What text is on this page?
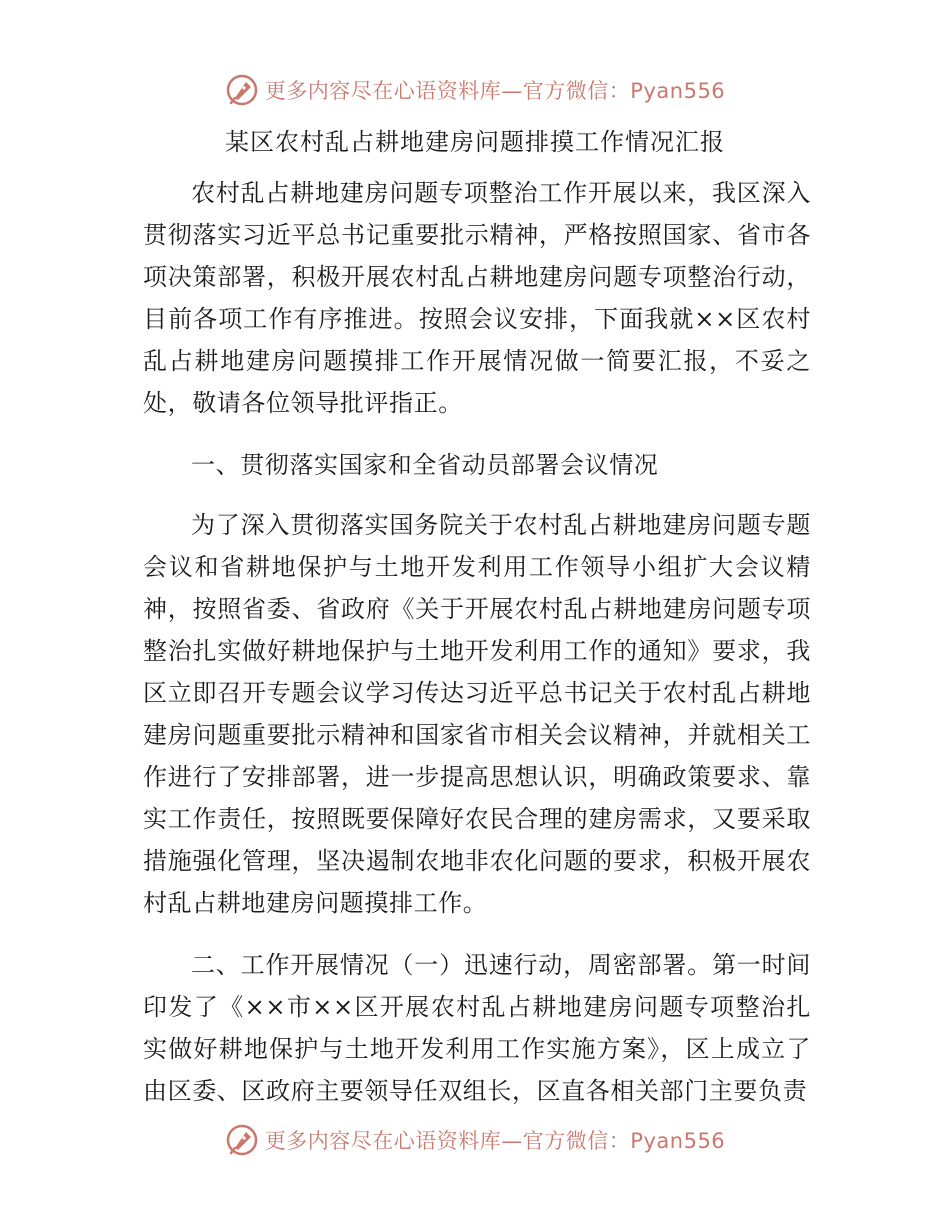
更多内容尽在心语资料库—官方微信：Pyan556
某区农村乱占耕地建房问题排摸工作情况汇报

农村乱占耕地建房问题专项整治工作开展以来，我区深入贯彻落实习近平总书记重要批示精神，严格按照国家、省市各项决策部署，积极开展农村乱占耕地建房问题专项整治行动，目前各项工作有序推进。按照会议安排，下面我就××区农村乱占耕地建房问题摸排工作开展情况做一简要汇报，不妥之处，敬请各位领导批评指正。

一、贯彻落实国家和全省动员部署会议情况

为了深入贯彻落实国务院关于农村乱占耕地建房问题专题会议和省耕地保护与土地开发利用工作领导小组扩大会议精神，按照省委、省政府《关于开展农村乱占耕地建房问题专项整治扎实做好耕地保护与土地开发利用工作的通知》要求，我区立即召开专题会议学习传达习近平总书记关于农村乱占耕地建房问题重要批示精神和国家省市相关会议精神，并就相关工作进行了安排部署，进一步提高思想认识，明确政策要求、靠实工作责任，按照既要保障好农民合理的建房需求，又要采取措施强化管理，坚决遏制农地非农化问题的要求，积极开展农村乱占耕地建房问题摸排工作。

二、工作开展情况（一）迅速行动，周密部署。第一时间印发了《××市××区开展农村乱占耕地建房问题专项整治扎实做好耕地保护与土地开发利用工作实施方案》，区上成立了由区委、区政府主要领导任双组长，区直各相关部门主要负责

更多内容尽在心语资料库—官方微信：Pyan556
